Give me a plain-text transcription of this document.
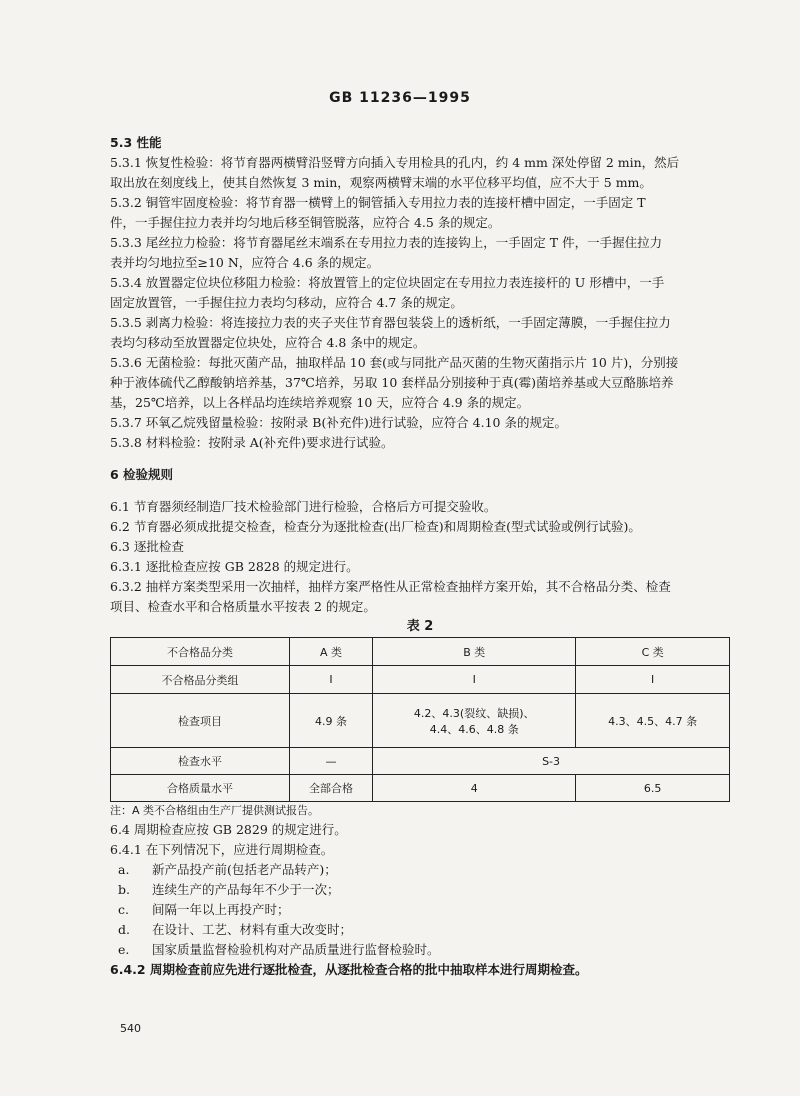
GB 11236—1995
5.3 性能
5.3.1 恢复性检验：将节育器两横臂沿竖臂方向插入专用检具的孔内，约 4 mm 深处停留 2 min，然后
取出放在刻度线上，使其自然恢复 3 min，观察两横臂末端的水平位移平均值，应不大于 5 mm。
5.3.2 铜管牢固度检验：将节育器一横臂上的铜管插入专用拉力表的连接杆槽中固定，一手固定 T
件，一手握住拉力表并均匀地后移至铜管脱落，应符合 4.5 条的规定。
5.3.3 尾丝拉力检验：将节育器尾丝末端系在专用拉力表的连接钩上，一手固定 T 件，一手握住拉力
表并均匀地拉至≥10 N，应符合 4.6 条的规定。
5.3.4 放置器定位块位移阻力检验：将放置管上的定位块固定在专用拉力表连接杆的 U 形槽中，一手
固定放置管，一手握住拉力表均匀移动，应符合 4.7 条的规定。
5.3.5 剥离力检验：将连接拉力表的夹子夹住节育器包装袋上的透析纸，一手固定薄膜，一手握住拉力
表均匀移动至放置器定位块处，应符合 4.8 条中的规定。
5.3.6 无菌检验：每批灭菌产品，抽取样品 10 套(或与同批产品灭菌的生物灭菌指示片 10 片)，分别接
种于液体硫代乙醇酸钠培养基，37℃培养，另取 10 套样品分别接种于真(霉)菌培养基或大豆酪胨培养
基，25℃培养，以上各样品均连续培养观察 10 天，应符合 4.9 条的规定。
5.3.7 环氧乙烷残留量检验：按附录 B(补充件)进行试验，应符合 4.10 条的规定。
5.3.8 材料检验：按附录 A(补充件)要求进行试验。
6 检验规则
6.1 节育器须经制造厂技术检验部门进行检验，合格后方可提交验收。
6.2 节育器必须成批提交检查，检查分为逐批检查(出厂检查)和周期检查(型式试验或例行试验)。
6.3 逐批检查
6.3.1 逐批检查应按 GB 2828 的规定进行。
6.3.2 抽样方案类型采用一次抽样，抽样方案严格性从正常检查抽样方案开始，其不合格品分类、检查
项目、检查水平和合格质量水平按表 2 的规定。
表 2
不合格品分类	A 类	B 类	C 类
不合格品分类组	I	I	I
检查项目	4.9 条	4.2、4.3(裂纹、缺损)、
4.4、4.6、4.8 条	4.3、4.5、4.7 条
检查水平	—	S-3	
合格质量水平	全部合格	4	6.5
注：A 类不合格组由生产厂提供测试报告。
6.4 周期检查应按 GB 2829 的规定进行。
6.4.1 在下列情况下，应进行周期检查。
a. 新产品投产前(包括老产品转产)；
b. 连续生产的产品每年不少于一次；
c. 间隔一年以上再投产时；
d. 在设计、工艺、材料有重大改变时；
e. 国家质量监督检验机构对产品质量进行监督检验时。
6.4.2 周期检查前应先进行逐批检查，从逐批检查合格的批中抽取样本进行周期检查。
540
